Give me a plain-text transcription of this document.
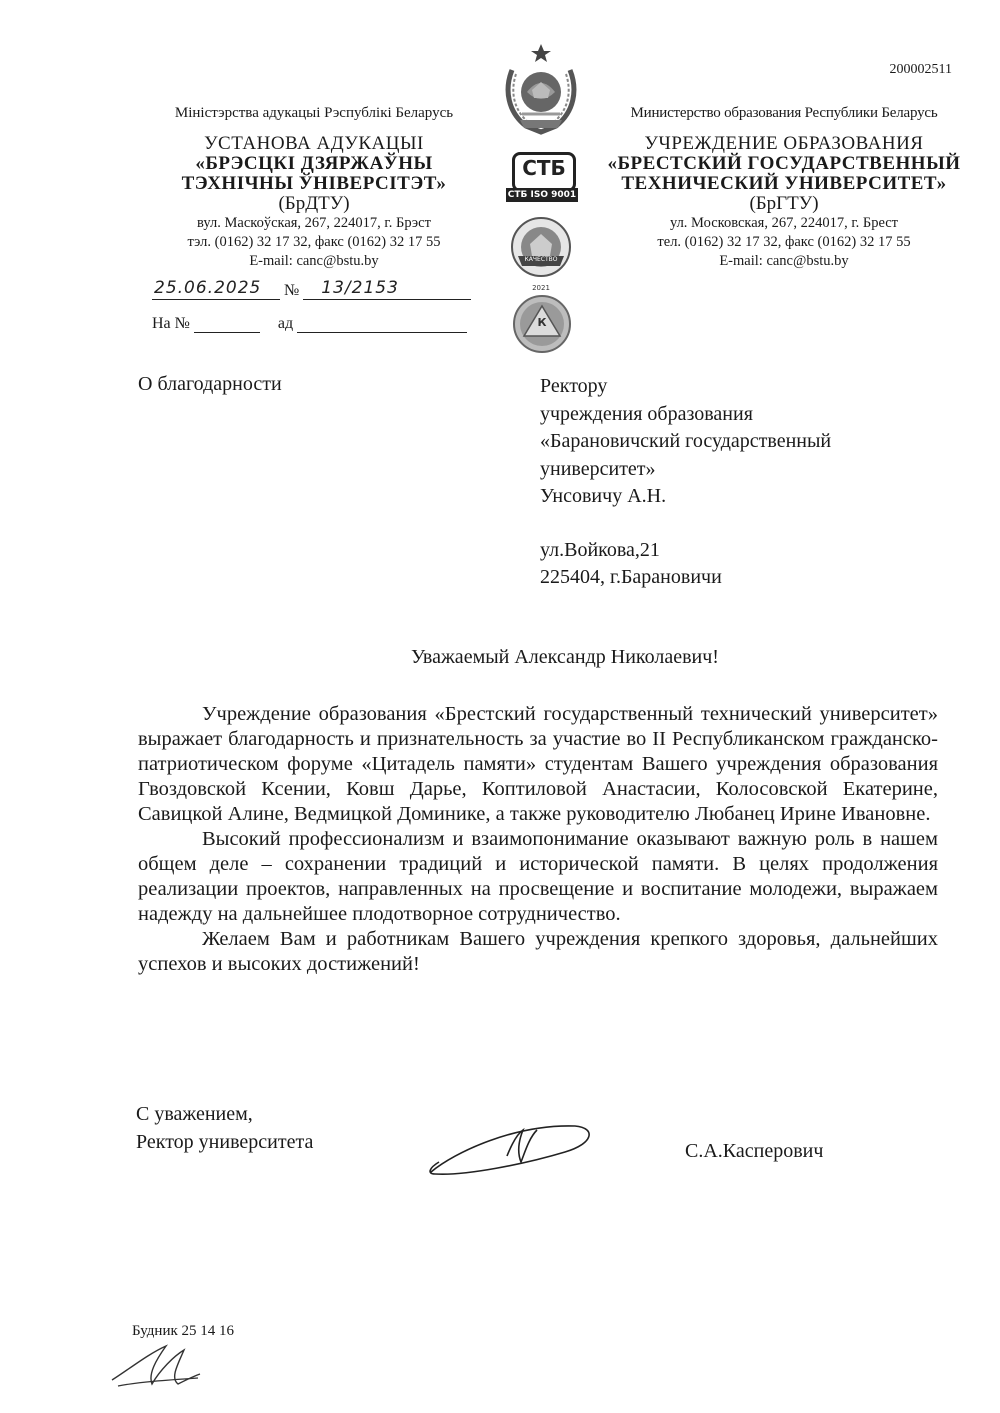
200002511
Міністэрства адукацыі Рэспублікі Беларусь
УСТАНОВА АДУКАЦЫІ
«БРЭСЦКІ ДЗЯРЖАЎНЫ
ТЭХНІЧНЫ ЎНІВЕРСІТЭТ»
(БрДТУ)
вул. Маскоўская, 267, 224017, г. Брэст
тэл. (0162) 32 17 32, факс (0162) 32 17 55
E-mail: canc@bstu.by
Министерство образования Республики Беларусь
УЧРЕЖДЕНИЕ ОБРАЗОВАНИЯ
«БРЕСТСКИЙ ГОСУДАРСТВЕННЫЙ
ТЕХНИЧЕСКИЙ УНИВЕРСИТЕТ»
(БрГТУ)
ул. Московская, 267, 224017, г. Брест
тел. (0162) 32 17 32, факс (0162) 32 17 55
E-mail: canc@bstu.by
СТБ
СТБ ISO 9001
КАЧЕСТВО
2021
К
25.06.2025 № 13/2153
На №	ад
О благодарности	Ректору
учреждения образования
«Барановичский государственный
университет»
Унсовичу А.Н.
ул.Войкова,21
225404, г.Барановичи
Уважаемый Александр Николаевич!

Учреждение образования «Брестский государственный технический университет» выражает благодарность и признательность за участие во II Республиканском гражданско-патриотическом форуме «Цитадель памяти» студентам Вашего учреждения образования Гвоздовской Ксении, Ковш Дарье, Коптиловой Анастасии, Колосовской Екатерине, Савицкой Алине, Ведмицкой Доминике, а также руководителю Любанец Ирине Ивановне.

Высокий профессионализм и взаимопонимание оказывают важную роль в нашем общем деле – сохранении традиций и исторической памяти. В целях продолжения реализации проектов, направленных на просвещение и воспитание молодежи, выражаем надежду на дальнейшее плодотворное сотрудничество.

Желаем Вам и работникам Вашего учреждения крепкого здоровья, дальнейших успехов и высоких достижений!

С уважением,
Ректор университета	С.А.Касперович
Будник 25 14 16
